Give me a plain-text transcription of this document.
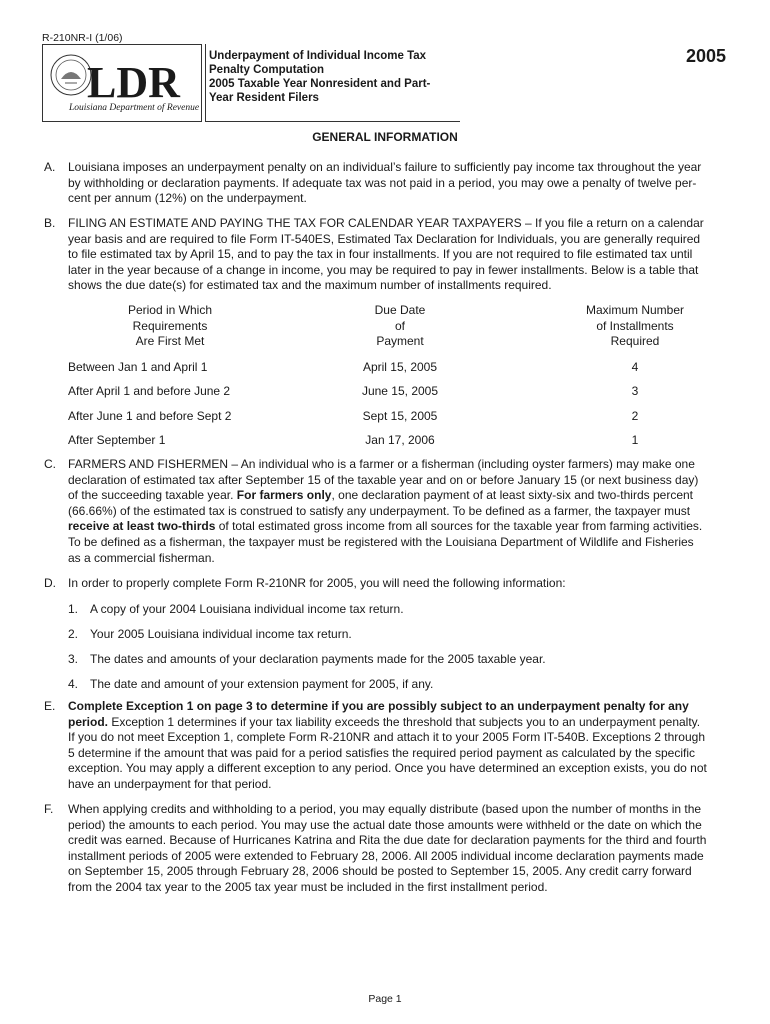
R-210NR-I (1/06)
LDR
Louisiana Department of Revenue
Underpayment of Individual Income Tax
Penalty Computation
2005 Taxable Year Nonresident and Part-
Year Resident Filers
2005
GENERAL INFORMATION
A. Louisiana imposes an underpayment penalty on an individual’s failure to sufficiently pay income tax throughout the year
by withholding or declaration payments. If adequate tax was not paid in a period, you may owe a penalty of twelve per-
cent per annum (12%) on the underpayment.
B. FILING AN ESTIMATE AND PAYING THE TAX FOR CALENDAR YEAR TAXPAYERS – If you file a return on a calendar
year basis and are required to file Form IT-540ES, Estimated Tax Declaration for Individuals, you are generally required
to file estimated tax by April 15, and to pay the tax in four installments. If you are not required to file estimated tax until
later in the year because of a change in income, you may be required to pay in fewer installments. Below is a table that
shows the due date(s) for estimated tax and the maximum number of installments required.
Period in Which
Requirements
Are First Met
Due Date
of
Payment
Maximum Number
of Installments
Required
Between Jan 1 and April 1	April 15, 2005	4
After April 1 and before June 2	June 15, 2005	3
After June 1 and before Sept 2	Sept 15, 2005	2
After September 1	Jan 17, 2006	1
C. FARMERS AND FISHERMEN – An individual who is a farmer or a fisherman (including oyster farmers) may make one
declaration of estimated tax after September 15 of the taxable year and on or before January 15 (or next business day)
of the succeeding taxable year. For farmers only, one declaration payment of at least sixty-six and two-thirds percent
(66.66%) of the estimated tax is construed to satisfy any underpayment. To be defined as a farmer, the taxpayer must
receive at least two-thirds of total estimated gross income from all sources for the taxable year from farming activities.
To be defined as a fisherman, the taxpayer must be registered with the Louisiana Department of Wildlife and Fisheries
as a commercial fisherman.
D. In order to properly complete Form R-210NR for 2005, you will need the following information:
1. A copy of your 2004 Louisiana individual income tax return.
2. Your 2005 Louisiana individual income tax return.
3. The dates and amounts of your declaration payments made for the 2005 taxable year.
4. The date and amount of your extension payment for 2005, if any.
E. Complete Exception 1 on page 3 to determine if you are possibly subject to an underpayment penalty for any
period. Exception 1 determines if your tax liability exceeds the threshold that subjects you to an underpayment penalty.
If you do not meet Exception 1, complete Form R-210NR and attach it to your 2005 Form IT-540B. Exceptions 2 through
5 determine if the amount that was paid for a period satisfies the required period payment as calculated by the specific
exception. You may apply a different exception to any period. Once you have determined an exception exists, you do not
have an underpayment for that period.
F. When applying credits and withholding to a period, you may equally distribute (based upon the number of months in the
period) the amounts to each period. You may use the actual date those amounts were withheld or the date on which the
credit was earned. Because of Hurricanes Katrina and Rita the due date for declaration payments for the third and fourth
installment periods of 2005 were extended to February 28, 2006. All 2005 individual income declaration payments made
on September 15, 2005 through February 28, 2006 should be posted to September 15, 2005. Any credit carry forward
from the 2004 tax year to the 2005 tax year must be included in the first installment period.
Page 1
